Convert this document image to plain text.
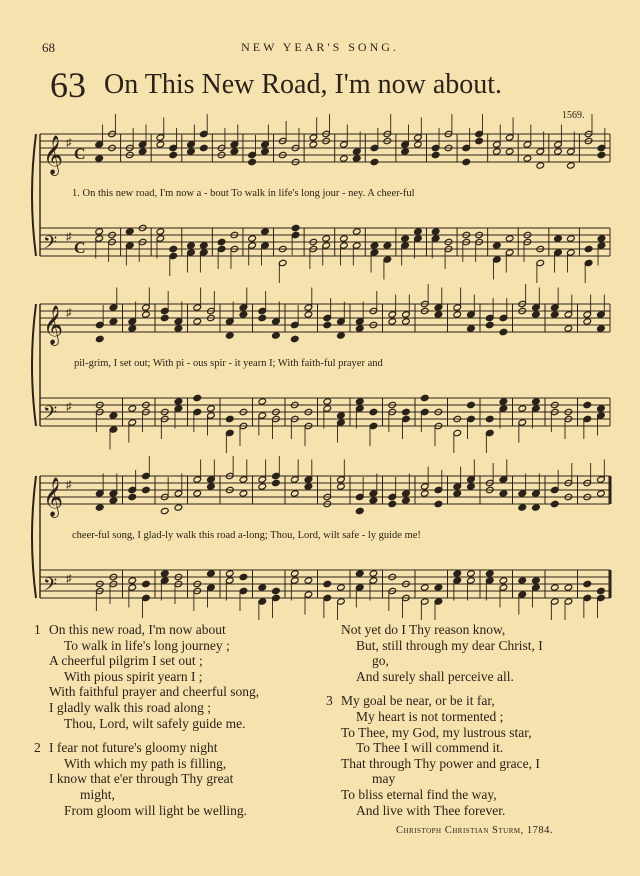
68	NEW YEAR'S SONG.
63 On This New Road, I'm now about.
1569.
𝄞 ♯
C
𝄢 ♯
C
𝄞 ♯
𝄢 ♯
𝄞 ♯
𝄢 ♯
1. On this new road, I'm now a - bout To walk in life's long jour - ney. A cheer-ful
pil-grim, I set out; With pi - ous spir - it yearn I; With faith-ful prayer and
cheer-ful song, I glad-ly walk this road a-long; Thou, Lord, wilt safe - ly guide me!
1 On this new road, I'm now about
To walk in life's long journey ;
A cheerful pilgrim I set out ;
With pious spirit yearn I ;
With faithful prayer and cheerful song,
I gladly walk this road along ;
Thou, Lord, wilt safely guide me.
2 I fear not future's gloomy night
With which my path is filling,
I know that e'er through Thy great
might,
From gloom will light be welling.
Not yet do I Thy reason know,
But, still through my dear Christ, I
go,
And surely shall perceive all.
3 My goal be near, or be it far,
My heart is not tormented ;
To Thee, my God, my lustrous star,
To Thee I will commend it.
That through Thy power and grace, I
may
To bliss eternal find the way,
And live with Thee forever.
Christoph Christian Sturm, 1784.
